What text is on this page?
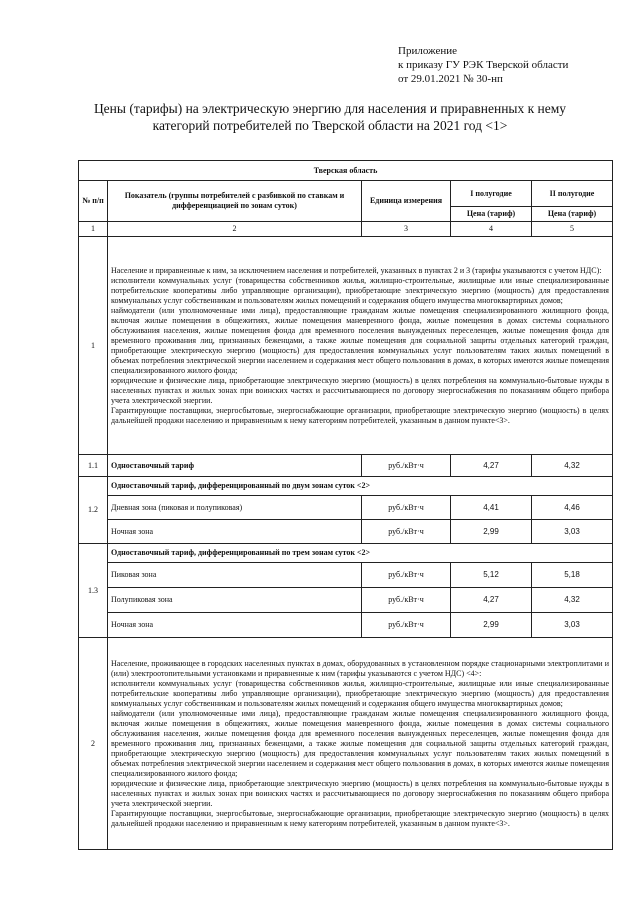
Приложение
к приказу ГУ РЭК Тверской области
от 29.01.2021 № 30-нп
Цены (тарифы) на электрическую энергию для населения и приравненных к нему
категорий потребителей по Тверской области на 2021 год <1>
Тверская область				
№ п/п	Показатель (группы потребителей с разбивкой по ставкам и дифференциацией по зонам суток)	Единица измерения	I полугодие	II полугодие
			Цена (тариф)	Цена (тариф)
1	2	3	4	5
1	Население и приравненные к ним, за исключением населения и потребителей, указанных в пунктах 2 и 3 (тарифы указываются с учетом НДС):

исполнители коммунальных услуг (товарищества собственников жилья, жилищно-строительные, жилищные или иные специализированные потребительские кооперативы либо управляющие организации), приобретающие электрическую энергию (мощность) для предоставления коммунальных услуг собственникам и пользователям жилых помещений и содержания общего имущества многоквартирных домов;

наймодатели (или уполномоченные ими лица), предоставляющие гражданам жилые помещения специализированного жилищного фонда, включая жилые помещения в общежитиях, жилые помещения маневренного фонда, жилые помещения в домах системы социального обслуживания населения, жилые помещения фонда для временного поселения вынужденных переселенцев, жилые помещения фонда для временного проживания лиц, признанных беженцами, а также жилые помещения для социальной защиты отдельных категорий граждан, приобретающие электрическую энергию (мощность) для предоставления коммунальных услуг пользователям таких жилых помещений в объемах потребления электрической энергии населением и содержания мест общего пользования в домах, в которых имеются жилые помещения специализированного жилого фонда;

юридические и физические лица, приобретающие электрическую энергию (мощность) в целях потребления на коммунально-бытовые нужды в населенных пунктах и жилых зонах при воинских частях и рассчитывающиеся по договору энергоснабжения по показаниям общего прибора учета электрической энергии.

Гарантирующие поставщики, энергосбытовые, энергоснабжающие организации, приобретающие электрическую энергию (мощность) в целях дальнейшей продажи населению и приравненным к нему категориям потребителей, указанным в данном пункте<3>.			

1.1	Одноставочный тариф	руб./кВт·ч	4,27	4,32
1.2	Одноставочный тариф, дифференцированный по двум зонам суток <2>			
	Дневная зона (пиковая и полупиковая)	руб./кВт·ч	4,41	4,46
	Ночная зона	руб./кВт·ч	2,99	3,03
1.3	Одноставочный тариф, дифференцированный по трем зонам суток <2>			
	Пиковая зона	руб./кВт·ч	5,12	5,18
	Полупиковая зона	руб./кВт·ч	4,27	4,32
	Ночная зона	руб./кВт·ч	2,99	3,03
2	Население, проживающее в городских населенных пунктах в домах, оборудованных в установленном порядке стационарными электроплитами и (или) электроотопительными установками и приравненные к ним (тарифы указываются с учетом НДС) <4>:

исполнители коммунальных услуг (товарищества собственников жилья, жилищно-строительные, жилищные или иные специализированные потребительские кооперативы либо управляющие организации), приобретающие электрическую энергию (мощность) для предоставления коммунальных услуг собственникам и пользователям жилых помещений и содержания общего имущества многоквартирных домов;

наймодатели (или уполномоченные ими лица), предоставляющие гражданам жилые помещения специализированного жилищного фонда, включая жилые помещения в общежитиях, жилые помещения маневренного фонда, жилые помещения в домах системы социального обслуживания населения, жилые помещения фонда для временного поселения вынужденных переселенцев, жилые помещения фонда для временного проживания лиц, признанных беженцами, а также жилые помещения для социальной защиты отдельных категорий граждан, приобретающие электрическую энергию (мощность) для предоставления коммунальных услуг пользователям таких жилых помещений в объемах потребления электрической энергии населением и содержания мест общего пользования в домах, в которых имеются жилые помещения специализированного жилого фонда;

юридические и физические лица, приобретающие электрическую энергию (мощность) в целях потребления на коммунально-бытовые нужды в населенных пунктах и жилых зонах при воинских частях и рассчитывающиеся по договору энергоснабжения по показаниям общего прибора учета электрической энергии.

Гарантирующие поставщики, энергосбытовые, энергоснабжающие организации, приобретающие электрическую энергию (мощность) в целях дальнейшей продажи населению и приравненным к нему категориям потребителей, указанным в данном пункте<3>.			
